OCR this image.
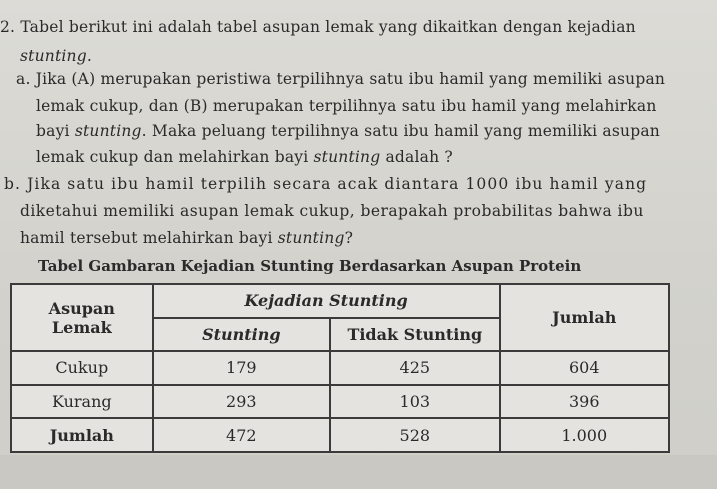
2. Tabel berikut ini adalah tabel asupan lemak yang dikaitkan dengan kejadian
stunting.
a. Jika (A) merupakan peristiwa terpilihnya satu ibu hamil yang memiliki asupan
lemak cukup, dan (B) merupakan terpilihnya satu ibu hamil yang melahirkan
bayi stunting. Maka peluang terpilihnya satu ibu hamil yang memiliki asupan
lemak cukup dan melahirkan bayi stunting adalah ?
b. Jika satu ibu hamil terpilih secara acak diantara 1000 ibu hamil yang
diketahui memiliki asupan lemak cukup, berapakah probabilitas bahwa ibu
hamil tersebut melahirkan bayi stunting?
Tabel Gambaran Kejadian Stunting Berdasarkan Asupan Protein
Asupan
Lemak	Kejadian Stunting		Jumlah
	Stunting	Tidak Stunting	
Cukup	179	425	604
Kurang	293	103	396
Jumlah	472	528	1.000
